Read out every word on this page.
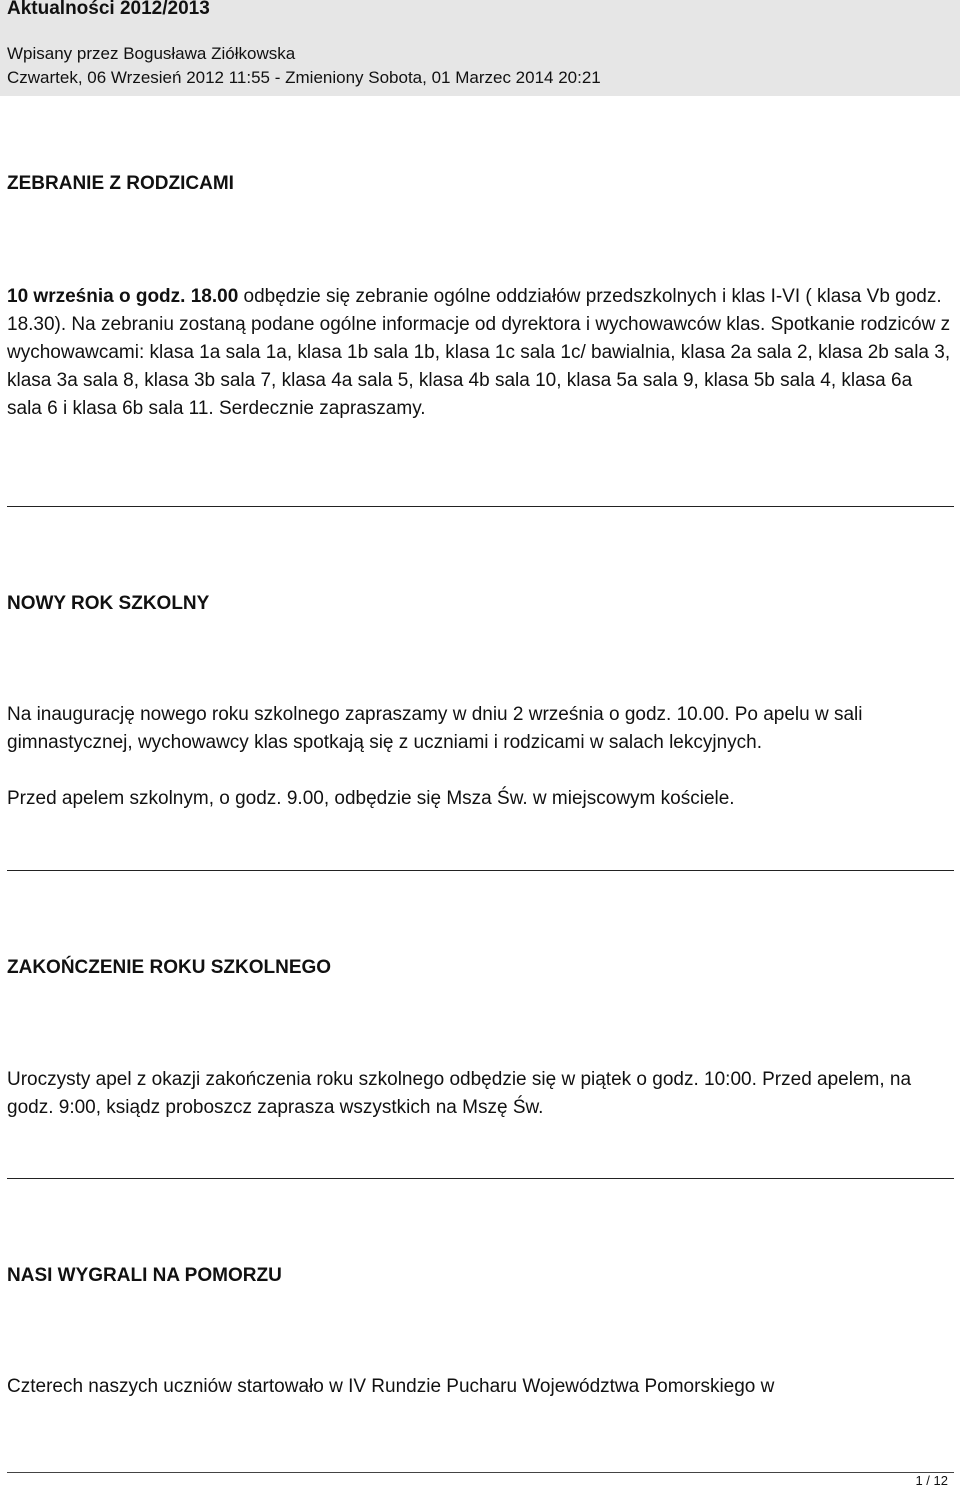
Aktualności 2012/2013
Wpisany przez Bogusława Ziółkowska
Czwartek, 06 Wrzesień 2012 11:55 - Zmieniony Sobota, 01 Marzec 2014 20:21
ZEBRANIE Z RODZICAMI
10 września o godz. 18.00 odbędzie się zebranie ogólne oddziałów przedszkolnych i klas I-VI ( klasa Vb godz. 18.30). Na zebraniu zostaną podane ogólne informacje od dyrektora i wychowawców klas. Spotkanie rodziców z wychowawcami: klasa 1a sala 1a, klasa 1b sala 1b, klasa 1c sala 1c/ bawialnia, klasa 2a sala 2, klasa 2b sala 3, klasa 3a sala 8, klasa 3b sala 7, klasa 4a sala 5, klasa 4b sala 10, klasa 5a sala 9, klasa 5b sala 4, klasa 6a sala 6 i klasa 6b sala 11. Serdecznie zapraszamy.
NOWY ROK SZKOLNY
Na inaugurację nowego roku szkolnego zapraszamy w dniu 2 września o godz. 10.00. Po apelu w sali gimnastycznej, wychowawcy klas spotkają się z uczniami i rodzicami w salach lekcyjnych.
Przed apelem szkolnym, o godz. 9.00, odbędzie się Msza Św. w miejscowym kościele.
ZAKOŃCZENIE ROKU SZKOLNEGO
Uroczysty apel z okazji zakończenia roku szkolnego odbędzie się w piątek o godz. 10:00. Przed apelem, na godz. 9:00, ksiądz proboszcz zaprasza wszystkich na Mszę Św.
NASI WYGRALI NA POMORZU
Czterech naszych uczniów startowało w IV Rundzie Pucharu Województwa Pomorskiego w
1 / 12
